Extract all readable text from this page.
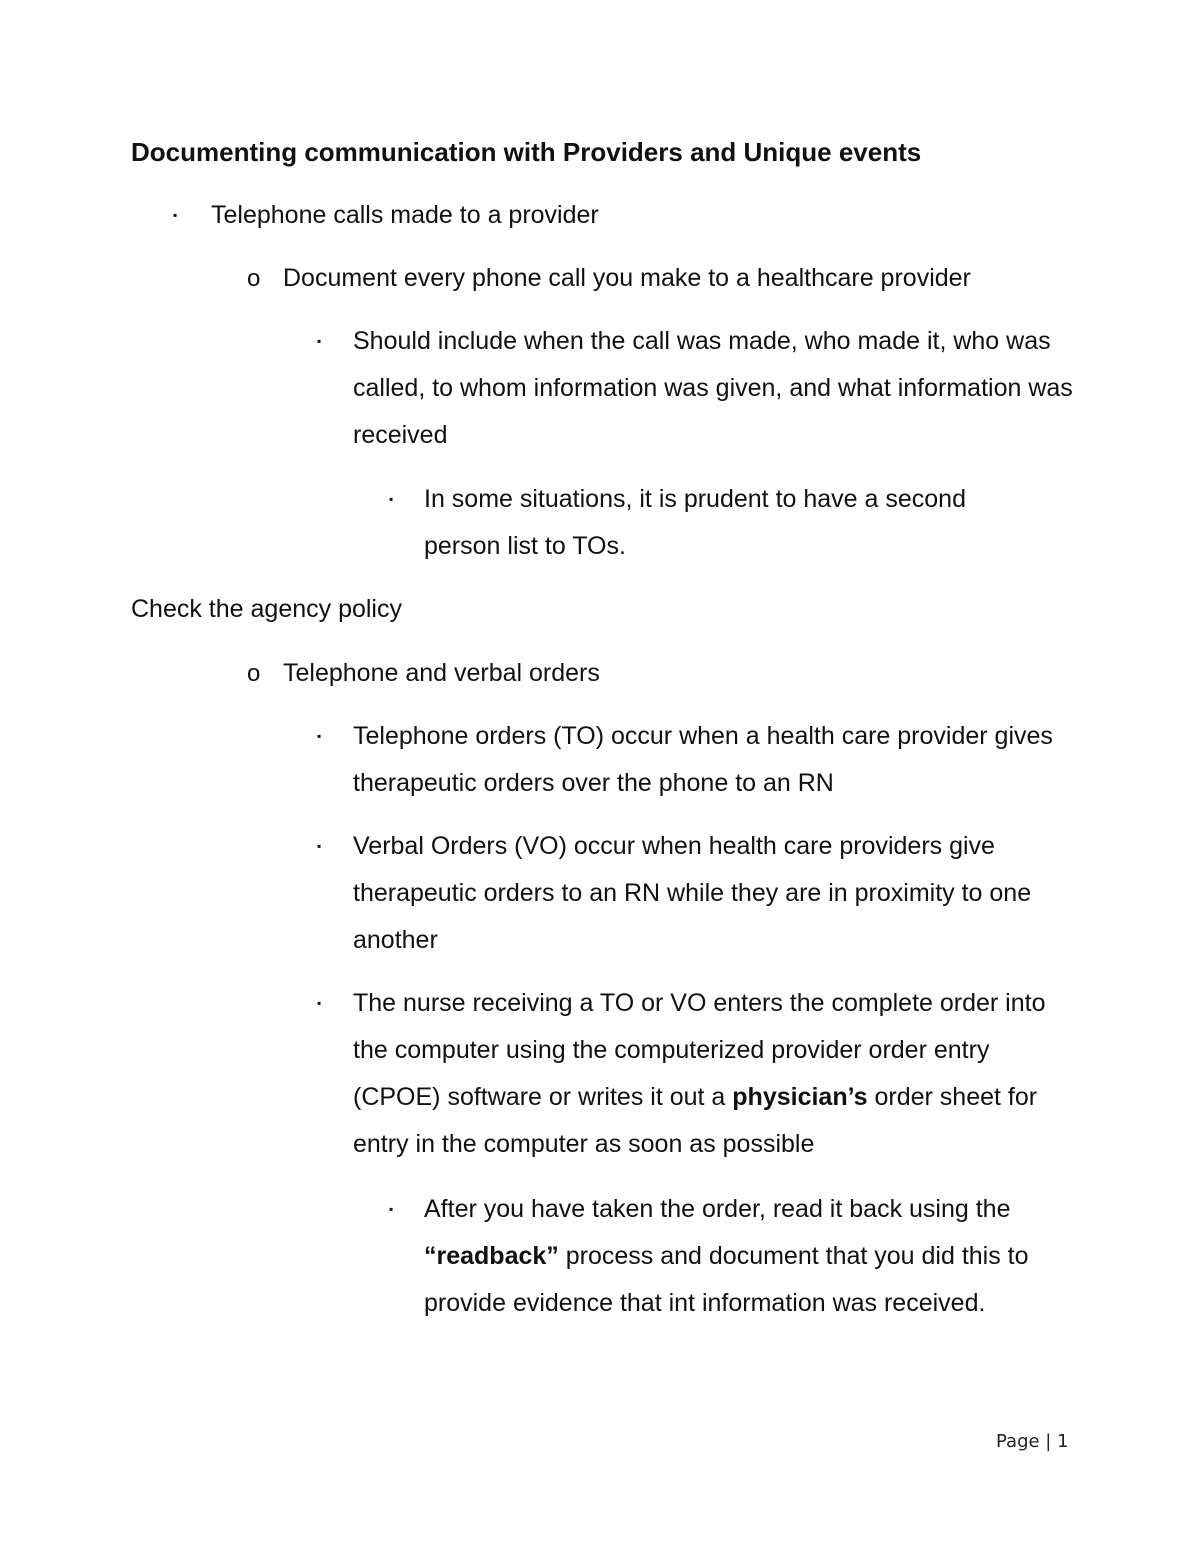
Documenting communication with Providers and Unique events
▪ Telephone calls made to a provider
o Document every phone call you make to a healthcare provider
▪ Should include when the call was made, who made it, who was called, to whom information was given, and what information was received
▪ In some situations, it is prudent to have a second person list to TOs.
Check the agency policy
o Telephone and verbal orders
▪ Telephone orders (TO) occur when a health care provider gives therapeutic orders over the phone to an RN
▪ Verbal Orders (VO) occur when health care providers give therapeutic orders to an RN while they are in proximity to one another
▪ The nurse receiving a TO or VO enters the complete order into the computer using the computerized provider order entry (CPOE) software or writes it out a physician’s order sheet for entry in the computer as soon as possible
▪ After you have taken the order, read it back using the “readback” process and document that you did this to provide evidence that int information was received.
Page | 1
